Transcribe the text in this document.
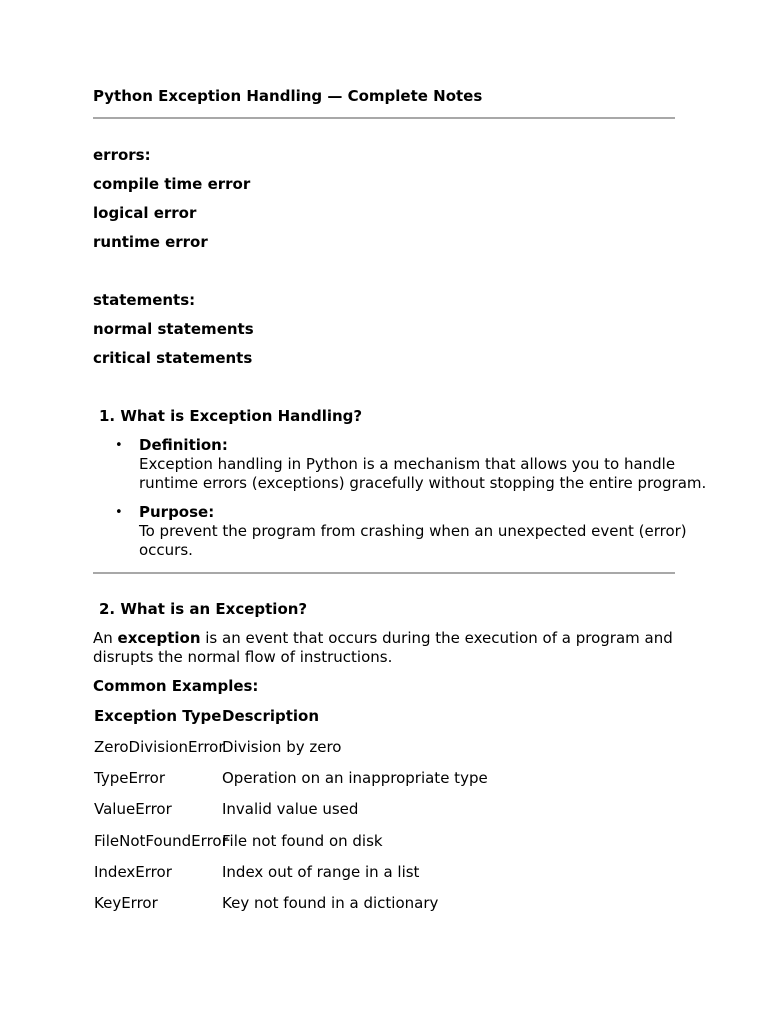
Python Exception Handling — Complete Notes

errors:

compile time error

logical error

runtime error

statements:

normal statements

critical statements

1. What is Exception Handling?

• Definition:
Exception handling in Python is a mechanism that allows you to handle runtime errors (exceptions) gracefully without stopping the entire program.
• Purpose:
To prevent the program from crashing when an unexpected event (error) occurs.

2. What is an Exception?

An exception is an event that occurs during the execution of a program and disrupts the normal flow of instructions.

Common Examples:

Exception Type	Description
ZeroDivisionError	Division by zero
TypeError	Operation on an inappropriate type
ValueError	Invalid value used
FileNotFoundError	File not found on disk
IndexError	Index out of range in a list
KeyError	Key not found in a dictionary
